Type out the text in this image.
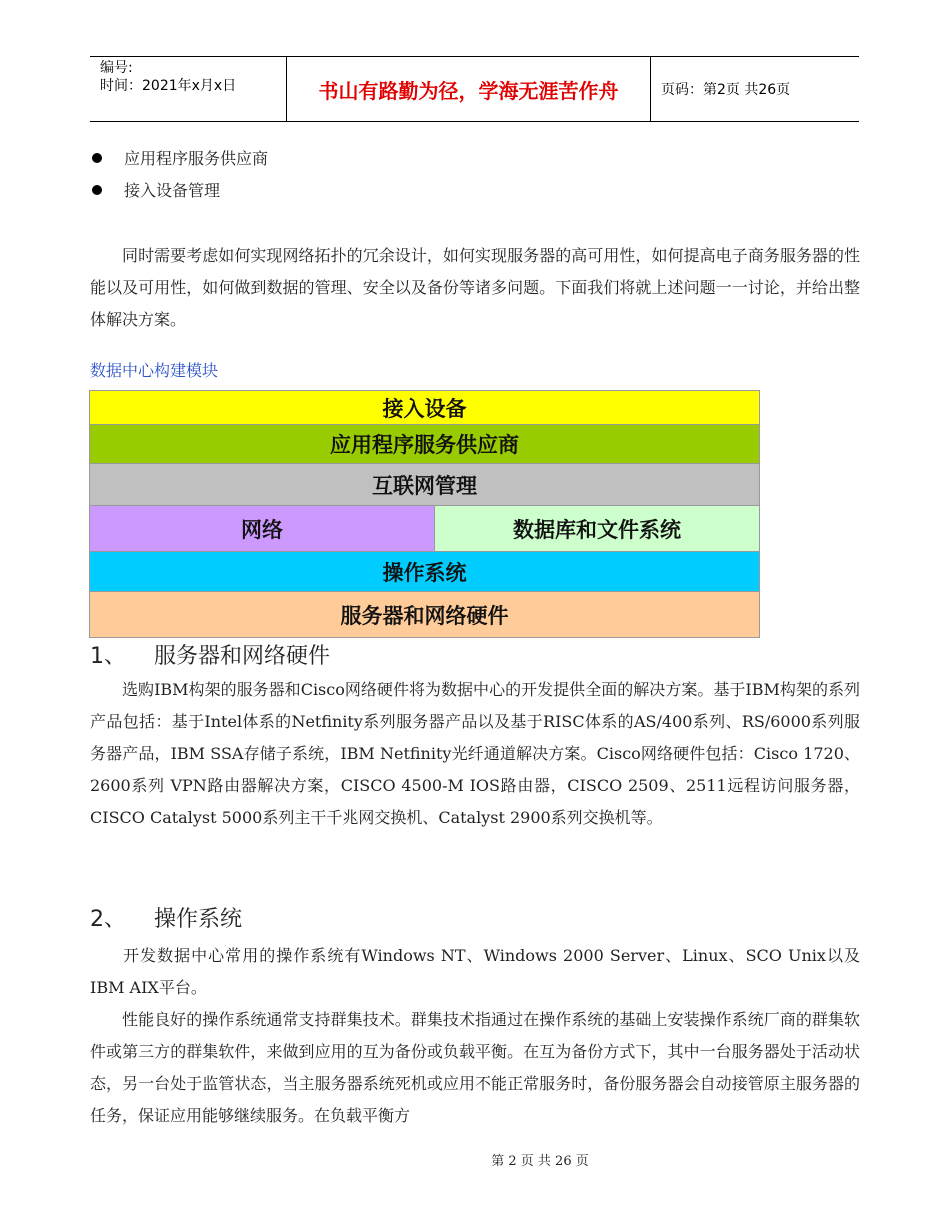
编号:
时间：2021年x月x日	书山有路勤为径，学海无涯苦作舟	页码：第2页 共26页
应用程序服务供应商
接入设备管理
同时需要考虑如何实现网络拓扑的冗余设计，如何实现服务器的高可用性，如何提高电子商务服务器的性能以及可用性，如何做到数据的管理、安全以及备份等诸多问题。下面我们将就上述问题一一讨论，并给出整体解决方案。
数据中心构建模块
接入设备
应用程序服务供应商
互联网管理
网络	数据库和文件系统
操作系统
服务器和网络硬件
1、	服务器和网络硬件
选购IBM构架的服务器和Cisco网络硬件将为数据中心的开发提供全面的解决方案。基于IBM构架的系列产品包括：基于Intel体系的Netfinity系列服务器产品以及基于RISC体系的AS/400系列、RS/6000系列服务器产品，IBM SSA存储子系统，IBM Netfinity光纤通道解决方案。Cisco网络硬件包括：Cisco 1720、2600系列 VPN路由器解决方案，CISCO 4500-M IOS路由器，CISCO 2509、2511远程访问服务器，CISCO Catalyst 5000系列主干千兆网交换机、Catalyst 2900系列交换机等。
2、	操作系统
开发数据中心常用的操作系统有Windows NT、Windows 2000 Server、Linux、SCO Unix以及IBM AIX平台。
性能良好的操作系统通常支持群集技术。群集技术指通过在操作系统的基础上安装操作系统厂商的群集软件或第三方的群集软件，来做到应用的互为备份或负载平衡。在互为备份方式下，其中一台服务器处于活动状态，另一台处于监管状态，当主服务器系统死机或应用不能正常服务时，备份服务器会自动接管原主服务器的任务，保证应用能够继续服务。在负载平衡方
第 2 页 共 26 页
